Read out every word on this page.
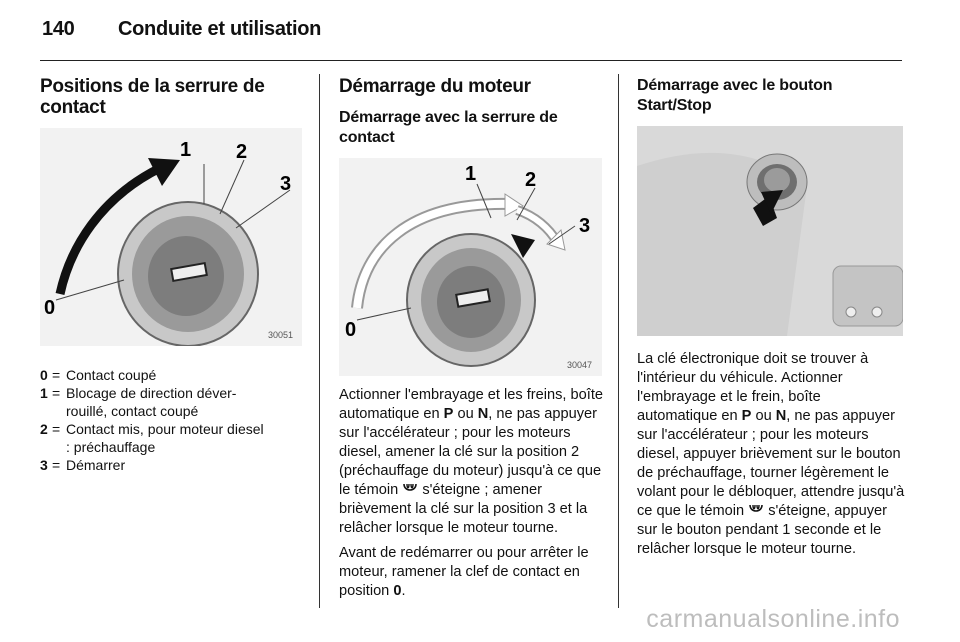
140 Conduite et utilisation
Positions de la serrure de contact
1 2
3
0
30051
0 = Contact coupé
1 = Blocage de direction déver-rouillé, contact coupé
2 = Contact mis, pour moteur diesel : préchauffage
3 = Démarrer
Démarrage du moteur
Démarrage avec la serrure de contact
1 2
3
0
30047

Actionner l'embrayage et les freins, boîte automatique en P ou N, ne pas appuyer sur l'accélérateur ; pour les moteurs diesel, amener la clé sur la position 2 (préchauffage du moteur) jusqu'à ce que le témoin  s'éteigne ; amener brièvement la clé sur la position 3 et la relâcher lorsque le moteur tourne.

Avant de redémarrer ou pour arrêter le moteur, ramener la clef de contact en position 0.

Démarrage avec le bouton Start/Stop

La clé électronique doit se trouver à l'intérieur du véhicule. Actionner l'embrayage et le frein, boîte automatique en P ou N, ne pas appuyer sur l'accélérateur ; pour les moteurs diesel, appuyer brièvement sur le bouton de préchauffage, tourner légèrement le volant pour le débloquer, attendre jusqu'à ce que le témoin  s'éteigne, appuyer sur le bouton pendant 1 seconde et le relâcher lorsque le moteur tourne.

carmanualsonline.info
